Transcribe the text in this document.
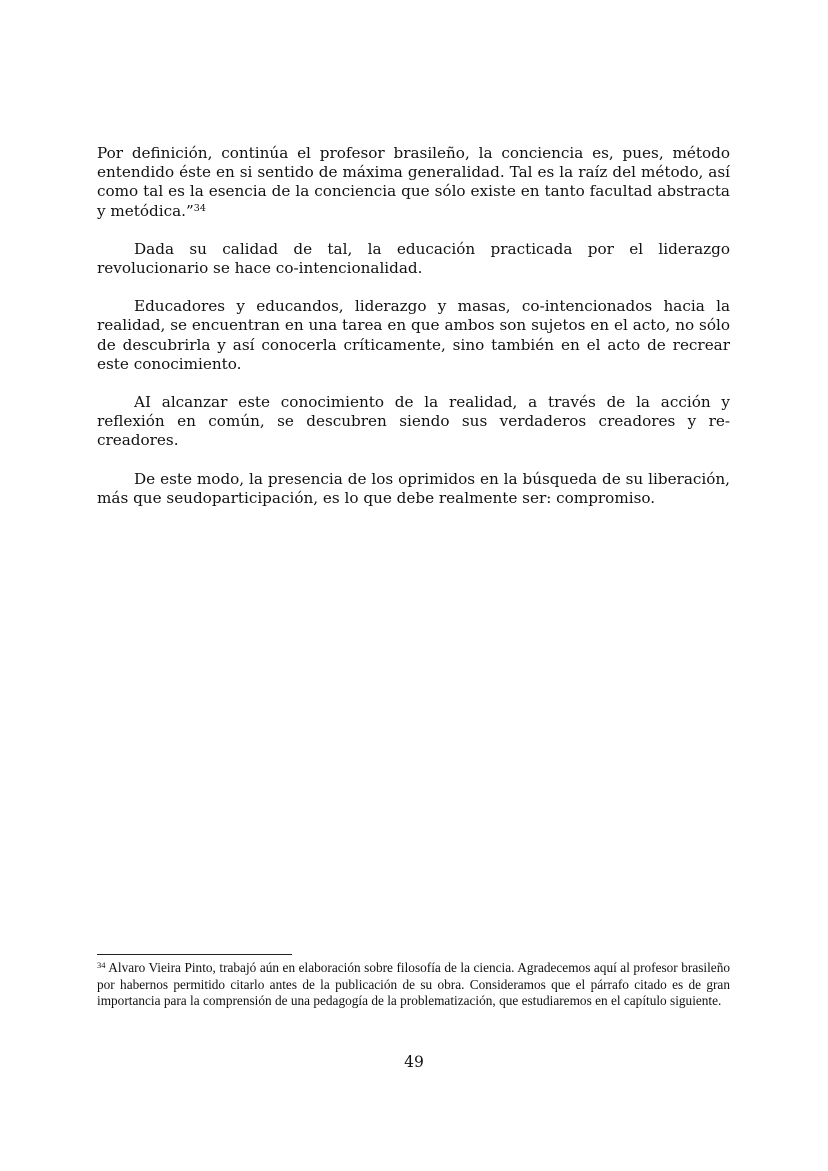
Por definición, continúa el profesor brasileño, la conciencia es, pues, método entendido éste en si sentido de máxima generalidad. Tal es la raíz del método, así como tal es la esencia de la conciencia que sólo existe en tanto facultad abstracta y metódica.”$^{34}$

Dada su calidad de tal, la educación practicada por el liderazgo revolucionario se hace co-intencionalidad.

Educadores y educandos, liderazgo y masas, co-intencionados hacia la realidad, se encuentran en una tarea en que ambos son sujetos en el acto, no sólo de descubrirla y así conocerla críticamente, sino también en el acto de recrear este conocimiento.

AI alcanzar este conocimiento de la realidad, a través de la acción y reflexión en común, se descubren siendo sus verdaderos creadores y re-creadores.

De este modo, la presencia de los oprimidos en la búsqueda de su liberación, más que seudoparticipación, es lo que debe realmente ser: compromiso.

$^{34}$ Alvaro Vieira Pinto, trabajó aún en elaboración sobre filosofía de la ciencia. Agradecemos aquí al profesor brasileño por habernos permitido citarlo antes de la publicación de su obra. Consideramos que el párrafo citado es de gran importancia para la comprensión de una pedagogía de la problematización, que estudiaremos en el capítulo siguiente.
49
